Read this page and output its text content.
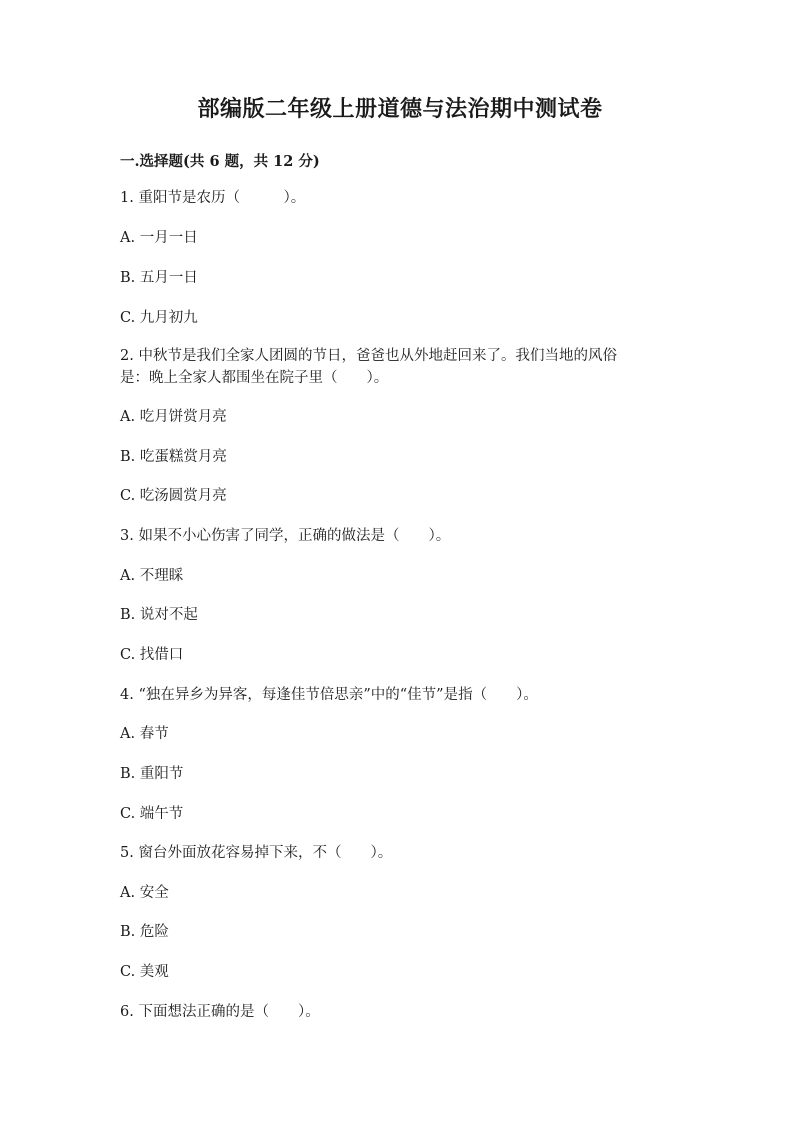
部编版二年级上册道德与法治期中测试卷

一.选择题(共 6 题，共 12 分)

1. 重阳节是农历（　　　）。

A. 一月一日

B. 五月一日

C. 九月初九

2. 中秋节是我们全家人团圆的节日，爸爸也从外地赶回来了。我们当地的风俗

是：晚上全家人都围坐在院子里（　　）。

A. 吃月饼赏月亮

B. 吃蛋糕赏月亮

C. 吃汤圆赏月亮

3. 如果不小心伤害了同学，正确的做法是（　　）。

A. 不理睬

B. 说对不起

C. 找借口

4. “独在异乡为异客，每逢佳节倍思亲”中的“佳节”是指（　　）。

A. 春节

B. 重阳节

C. 端午节

5. 窗台外面放花容易掉下来，不（　　）。

A. 安全

B. 危险

C. 美观

6. 下面想法正确的是（　　）。
